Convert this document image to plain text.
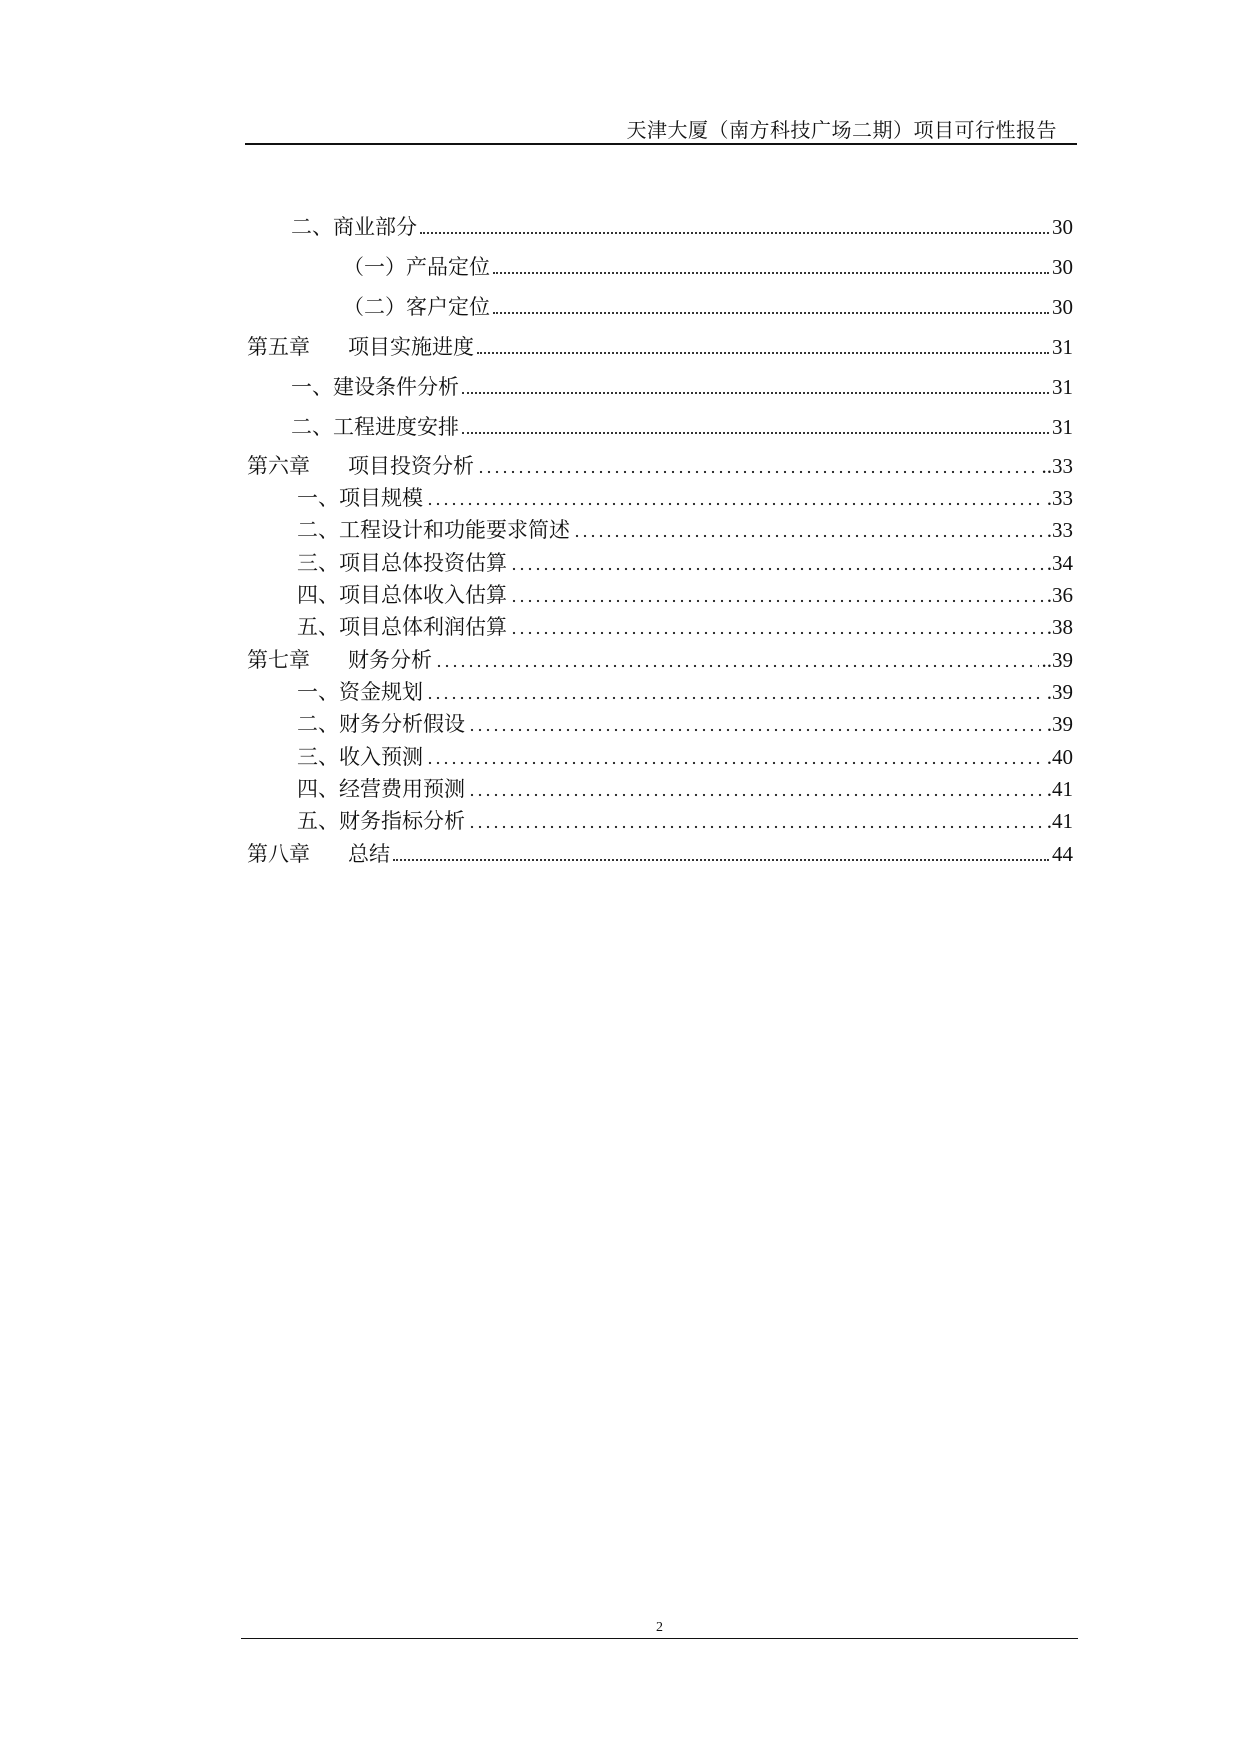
天津大厦（南方科技广场二期）项目可行性报告
二、商业部分	30
（一）产品定位	30
（二）客户定位	30
第五章 项目实施进度	31
一、建设条件分析	31
二、工程进度安排	31
第六章 项目投资分析	..33
一、项目规模	.33
二、工程设计和功能要求简述	.33
三、项目总体投资估算	.34
四、项目总体收入估算	.36
五、项目总体利润估算	.38
第七章 财务分析	..39
一、资金规划	.39
二、财务分析假设	.39
三、收入预测	.40
四、经营费用预测	.41
五、财务指标分析	.41
第八章 总结	44
2
